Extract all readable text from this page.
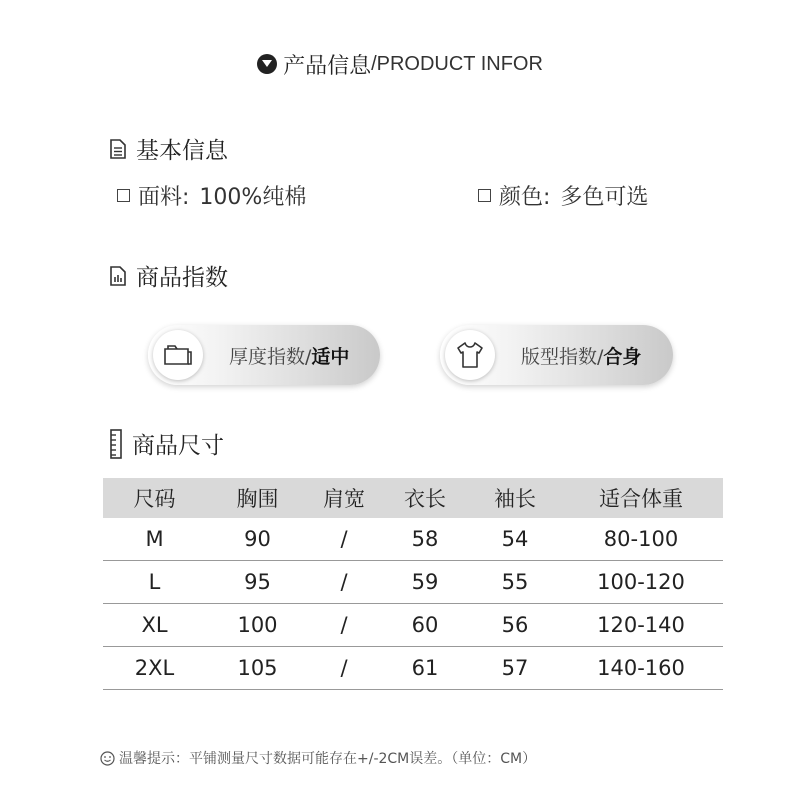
产品信息 /PRODUCT INFOR
基本信息
面料: 100%纯棉	颜色: 多色可选
商品指数
厚度指数/适中	版型指数/合身
商品尺寸
尺码	胸围	肩宽	衣长	袖长	适合体重
M	90	/	58	54	80-100
L	95	/	59	55	100-120
XL	100	/	60	56	120-140
2XL	105	/	61	57	140-160
温馨提示：平铺测量尺寸数据可能存在+/-2CM误差。（单位：CM）
